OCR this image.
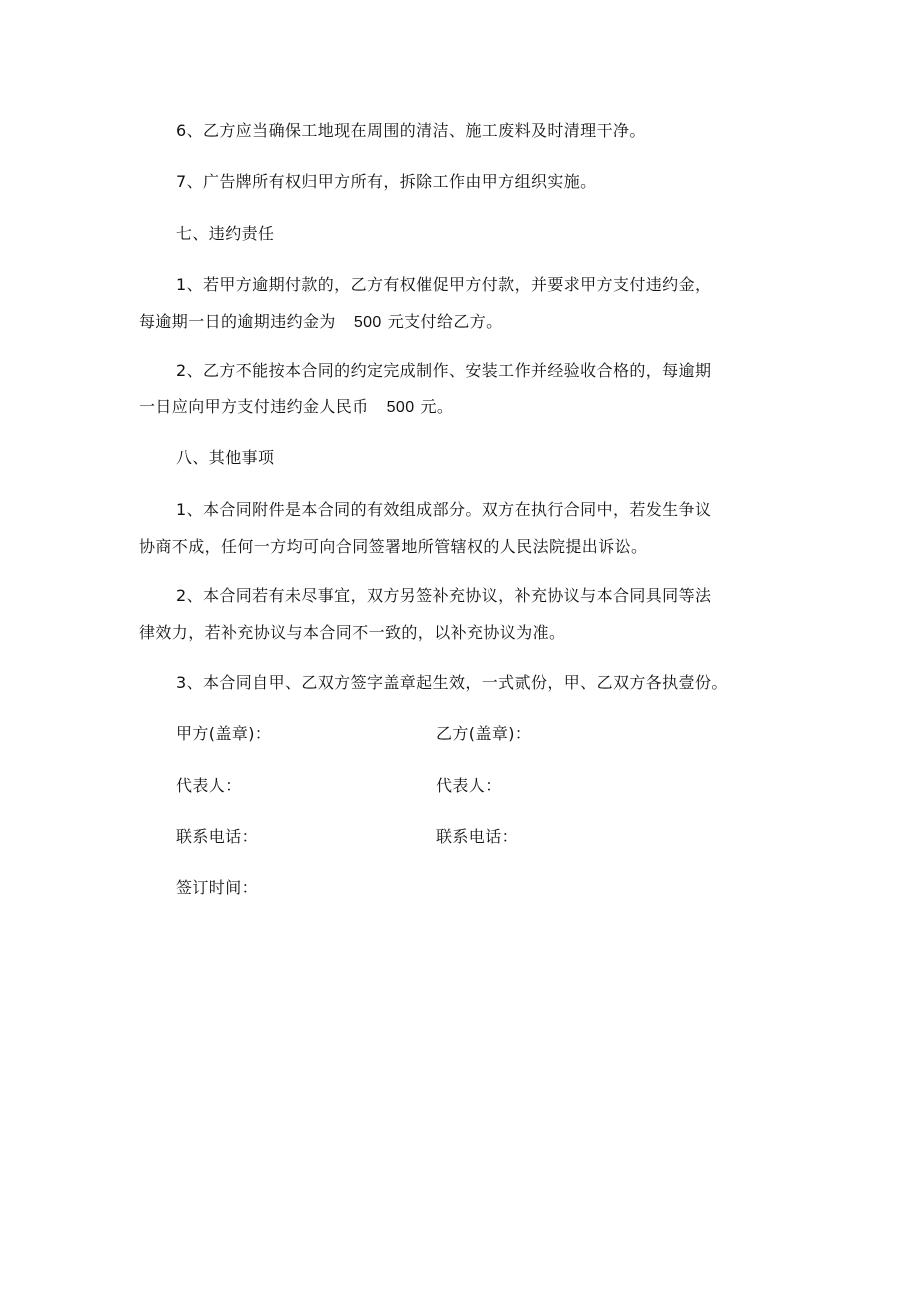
6、乙方应当确保工地现在周围的清洁、施工废料及时清理干净。
7、广告牌所有权归甲方所有，拆除工作由甲方组织实施。
七、违约责任
1、若甲方逾期付款的，乙方有权催促甲方付款，并要求甲方支付违约金，
每逾期一日的逾期违约金为 500 元支付给乙方。
2、乙方不能按本合同的约定完成制作、安装工作并经验收合格的，每逾期
一日应向甲方支付违约金人民币 500 元。
八、其他事项
1、本合同附件是本合同的有效组成部分。双方在执行合同中，若发生争议
协商不成，任何一方均可向合同签署地所管辖权的人民法院提出诉讼。
2、本合同若有未尽事宜，双方另签补充协议，补充协议与本合同具同等法
律效力，若补充协议与本合同不一致的，以补充协议为准。
3、本合同自甲、乙双方签字盖章起生效，一式贰份，甲、乙双方各执壹份。
甲方(盖章)：	乙方(盖章)：
代表人：	代表人：
联系电话：	联系电话：
签订时间：
